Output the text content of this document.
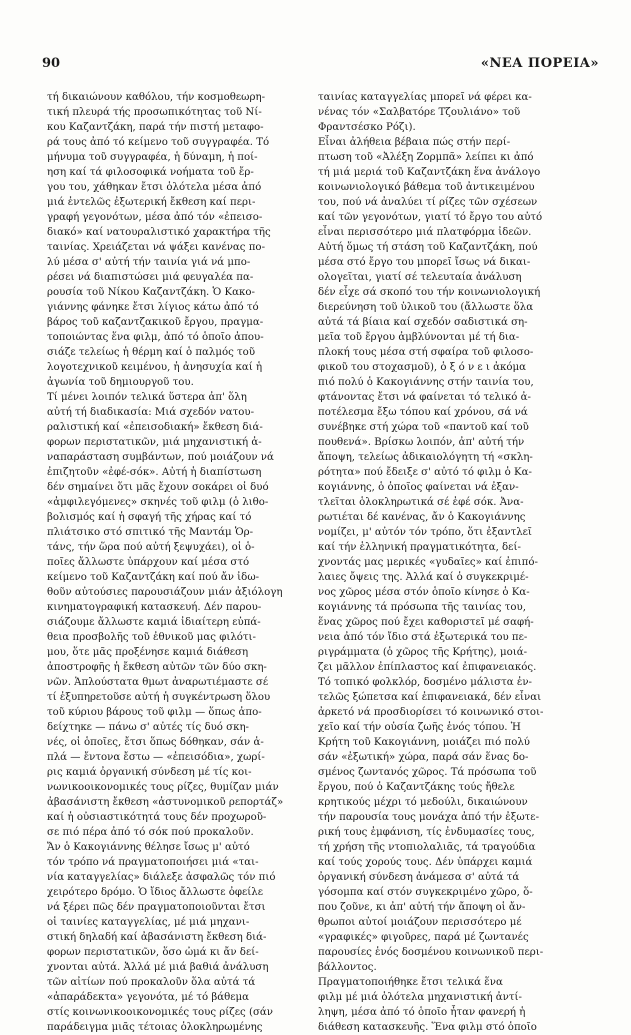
90	«ΝΕΑ ΠΟΡΕΙΑ»
τή δικαιώνουν καθόλου, τήν κοσμοθεωρη-
τική πλευρά τής προσωπικότητας τοῦ Νί-
κου Καζαντζάκη, παρά τήν πιστή μεταφο-
ρά τους ἀπό τό κείμενο τοῦ συγγραφέα. Τό
μήνυμα τοῦ συγγραφέα, ἡ δύναμη, ἡ ποί-
ηση καί τά φιλοσοφικά νοήματα τοῦ ἔρ-
γου του, χάθηκαν ἔτσι ὁλότελα μέσα ἀπό
μιά ἐντελῶς ἐξωτερική ἔκθεση καί περι-
γραφή γεγονότων, μέσα ἀπό τόν «ἐπεισο-
διακό» καί νατουραλιστικό χαρακτήρα τῆς
ταινίας. Χρειάζεται νά ψάξει κανένας πο-
λύ μέσα σ' αὐτή τήν ταινία γιά νά μπο-
ρέσει νά διαπιστώσει μιά φευγαλέα πα-
ρουσία τοῦ Νίκου Καζαντζάκη. Ὁ Κακο-
γιάννης φάνηκε ἔτσι λίγιος κάτω ἀπό τό
βάρος τοῦ καζαντζακικοῦ ἔργου, πραγμα-
τοποιώντας ἕνα φιλμ, ἀπό τό ὁποῖο ἀπου-
σιάζε τελείως ἡ θέρμη καί ὁ παλμός τοῦ
λογοτεχνικοῦ κειμένου, ἡ ἀνησυχία καί ἡ
ἀγωνία τοῦ δημιουργοῦ του.
Τί μένει λοιπόν τελικά ὕστερα ἀπ' ὅλη
αὐτή τή διαδικασία: Μιά σχεδόν νατου-
ραλιστική καί «ἐπεισοδιακή» ἔκθεση διά-
φορων περιστατικῶν, μιά μηχανιστική ἀ-
ναπαράσταση συμβάντων, πού μοιάζουν νά
ἐπιζητοῦν «ἐφέ-σόκ». Αὐτή ἡ διαπίστωση
δέν σημαίνει ὅτι μᾶς ἔχουν σοκάρει οἱ δυό
«ἀμφιλεγόμενες» σκηνές τοῦ φιλμ (ὁ λιθο-
βολισμός καί ἡ σφαγή τῆς χήρας καί τό
πλιάτσικο στό σπιτικό τῆς Μαντάμ Ὁρ-
τάνς, τήν ὥρα πού αὐτή ξεψυχάει), οἱ ὁ-
ποῖες ἄλλωστε ὑπάρχουν καί μέσα στό
κείμενο τοῦ Καζαντζάκη καί πού ἄν ἰδω-
θοῦν αὐτούσιες παρουσιάζουν μιάν ἀξιόλογη
κινηματογραφική κατασκευή. Δέν παρου-
σιάζουμε ἄλλωστε καμιά ἰδιαίτερη εὐπά-
θεια προσβολῆς τοῦ ἐθνικοῦ μας φιλότι-
μου, ὅτε μᾶς προξένησε καμιά διάθεση
ἀποστροφῆς ἡ ἔκθεση αὐτῶν τῶν δύο σκη-
νῶν. Ἁπλούστατα θμωτ ἀναρωτιέμαστε σέ
τί ἐξυπηρετοῦσε αὐτή ἡ συγκέντρωση ὅλου
τοῦ κύριου βάρους τοῦ φιλμ — ὅπως ἀπο-
δείχτηκε — πάνω σ' αὐτές τίς δυό σκη-
νές, οἱ ὁποῖες, ἔτσι ὅπως δόθηκαν, σάν ἁ-
πλά — ἔντονα ἔστω — «ἐπεισόδια», χωρί-
ρις καμιά ὀργανική σύνδεση μέ τίς κοι-
νωνικοοικονομικές τους ρίζες, θυμίζαν μιάν
ἀβασάνιστη ἔκθεση «ἀστυνομικοῦ ρεπορτάζ»
καί ἡ οὐσιαστικότητά τους δέν προχωροῦ-
σε πιό πέρα ἀπό τό σόκ πού προκαλοῦν.
Ἄν ὁ Κακογιάννης θέλησε ἴσως μ' αὐτό
τόν τρόπο νά πραγματοποιήσει μιά «ται-
νία καταγγελίας» διάλεξε ἀσφαλῶς τόν πιό
χειρότερο δρόμο. Ὁ ἴδιος ἄλλωστε ὀφείλε
νά ξέρει πῶς δέν πραγματοποιοῦνται ἔτσι
οἱ ταινίες καταγγελίας, μέ μιά μηχανι-
στική δηλαδή καί ἀβασάνιστη ἔκθεση διά-
φορων περιστατικῶν, ὅσο ὠμά κι ἄν δεί-
χνονται αὐτά. Ἀλλά μέ μιά βαθιά ἀνάλυση
τῶν αἰτίων πού προκαλοῦν ὅλα αὐτά τά
«ἀπαράδεκτα» γεγονότα, μέ τό βάθεμα
στίς κοινωνικοοικονομικές τους ρίζες (σάν
παράδειγμα μιᾶς τέτοιας ὁλοκληρωμένης
ταινίας καταγγελίας μπορεῖ νά φέρει κα-
νένας τόν «Σαλβατόρε Τζουλιάνο» τοῦ
Φραντσέσκο Ρόζι).
Εἶναι ἀλήθεια βέβαια πώς στήν περί-
πτωση τοῦ «Ἀλέξη Ζορμπᾶ» λείπει κι ἀπό
τή μιά μεριά τοῦ Καζαντζάκη ἕνα ἀνάλογο
κοινωνιολογικό βάθεμα τοῦ ἀντικειμένου
του, πού νά ἀναλύει τί ρίζες τῶν σχέσεων
καί τῶν γεγονότων, γιατί τό ἔργο του αὐτό
εἶναι περισσότερο μιά πλατφόρμα ἰδεῶν.
Αὐτή ὅμως τή στάση τοῦ Καζαντζάκη, πού
μέσα στό ἔργο του μπορεῖ ἴσως νά δικαι-
ολογεῖται, γιατί σέ τελευταία ἀνάλυση
δέν εἶχε σά σκοπό του τήν κοινωνιολογική
διερεύνηση τοῦ ὑλικοῦ του (ἄλλωστε ὅλα
αὐτά τά βίαια καί σχεδόν σαδιστικά ση-
μεῖα τοῦ ἔργου ἀμβλύνονται μέ τή δια-
πλοκή τους μέσα στή σφαίρα τοῦ φιλοσο-
φικοῦ του στοχασμοῦ), ὁ ξ ό ν ε ι ἀκόμα
πιό πολύ ὁ Κακογιάννης στήν ταινία του,
φτάνοντας ἔτσι νά φαίνεται τό τελικό ἀ-
ποτέλεσμα ἔξω τόπου καί χρόνου, σά νά
συνέβηκε στή χώρα τοῦ «παντοῦ καί τοῦ
πουθενά». Βρίσκω λοιπόν, ἀπ' αὐτή τήν
ἄποψη, τελείως ἀδικαιολόγητη τή «σκλη-
ρότητα» πού ἔδειξε σ' αὐτό τό φιλμ ὁ Κα-
κογιάννης, ὁ ὁποῖος φαίνεται νά ἐξαν-
τλεῖται ὁλοκληρωτικά σέ ἐφέ σόκ. Ἀνα-
ρωτιέται δέ κανένας, ἄν ὁ Κακογιάννης
νομίζει, μ' αὐτόν τόν τρόπο, ὅτι ἐξαντλεῖ
καί τήν ἑλληνική πραγματικότητα, δεί-
χνοντάς μας μερικές «γυδαῖες» καί ἐπιπό-
λαιες ὄψεις της. Ἀλλά καί ὁ συγκεκριμέ-
νος χῶρος μέσα στόν ὁποῖο κίνησε ὁ Κα-
κογιάννης τά πρόσωπα τῆς ταινίας του,
ἕνας χῶρος πού ἔχει καθοριστεῖ μέ σαφή-
νεια ἀπό τόν ἴδιο στά ἐξωτερικά του πε-
ριγράμματα (ὁ χῶρος τῆς Κρήτης), μοιά-
ζει μᾶλλον ἐπίπλαστος καί ἐπιφανειακός.
Τό τοπικό φολκλόρ, δοσμένο μάλιστα ἐν-
τελῶς ξώπετσα καί ἐπιφανειακά, δέν εἶναι
ἀρκετό νά προσδιορίσει τό κοινωνικό στοι-
χεῖο καί τήν οὐσία ζωῆς ἑνός τόπου. Ἡ
Κρήτη τοῦ Κακογιάννη, μοιάζει πιό πολύ
σάν «ἐξωτική» χώρα, παρά σάν ἕνας δο-
σμένος ζωντανός χῶρος. Τά πρόσωπα τοῦ
ἔργου, πού ὁ Καζαντζάκης τούς ἤθελε
κρητικούς μέχρι τό μεδούλι, δικαιώνουν
τήν παρουσία τους μονάχα ἀπό τήν ἐξωτε-
ρική τους ἐμφάνιση, τίς ἐνδυμασίες τους,
τή χρήση τῆς ντοπιολαλιᾶς, τά τραγούδια
καί τούς χορούς τους. Δέν ὑπάρχει καμιά
ὀργανική σύνδεση ἀνάμεσα σ' αὐτά τά
γόσομπα καί στόν συγκεκριμένο χῶρο, ὅ-
που ζοῦνε, κι ἀπ' αὐτή τήν ἄποψη οἱ ἄν-
θρωποι αὐτοί μοιάζουν περισσότερο μέ
«γραφικές» φιγοῦρες, παρά μέ ζωντανές
παρουσίες ἑνός δοσμένου κοινωνικοῦ περι-
βάλλοντος.
Πραγματοποιήθηκε ἔτσι τελικά ἕνα
φιλμ μέ μιά ὁλότελα μηχανιστική ἀντί-
ληψη, μέσα ἀπό τό ὁποῖο ἦταν φανερή ἡ
διάθεση κατασκευῆς. Ἕνα φιλμ στό ὁποῖο
